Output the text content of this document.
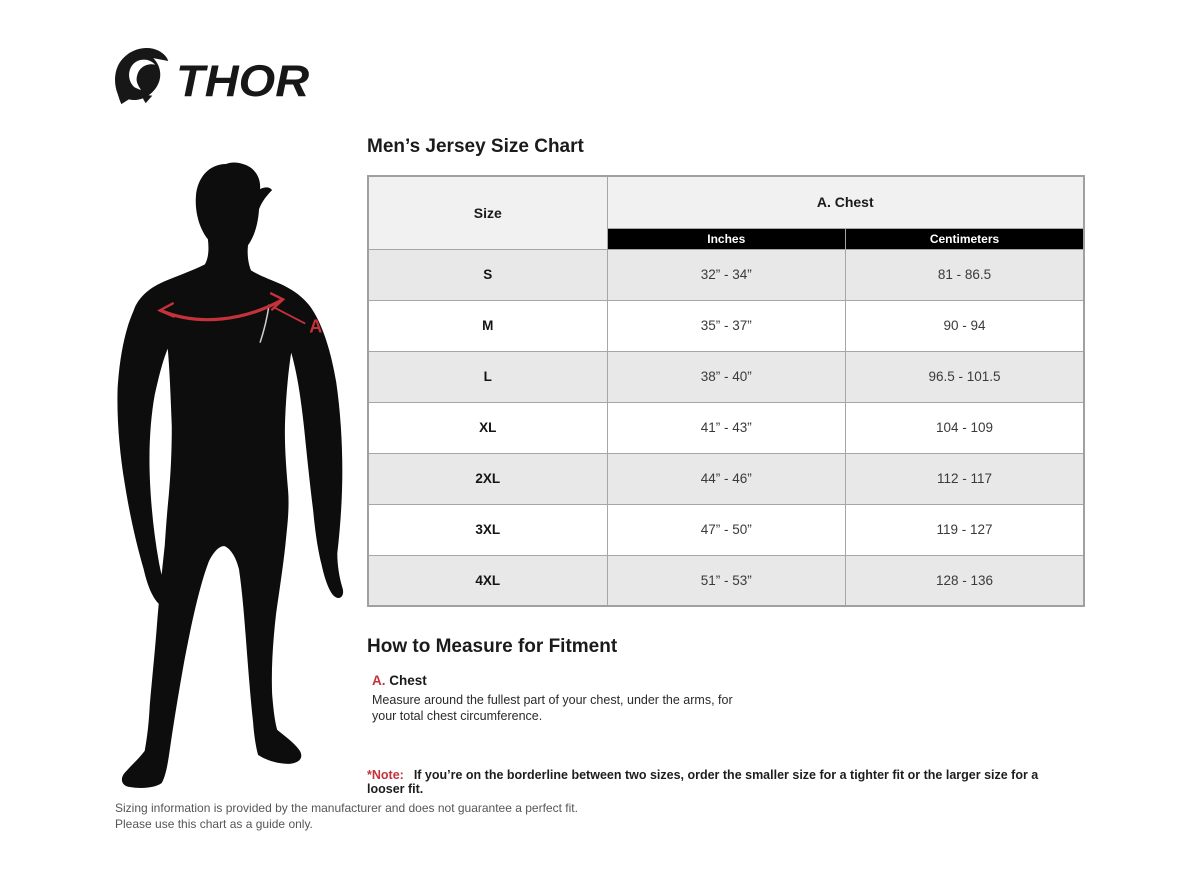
THOR
A
Men’s Jersey Size Chart
Size	A. Chest	
	Inches	Centimeters
S	32” - 34”	81 - 86.5
M	35” - 37”	90 - 94
L	38” - 40”	96.5 - 101.5
XL	41” - 43”	104 - 109
2XL	44” - 46”	112 - 117
3XL	47” - 50”	119 - 127
4XL	51” - 53”	128 - 136
How to Measure for Fitment
A. Chest

Measure around the fullest part of your chest, under the arms, for your total chest circumference.

*Note: If you’re on the borderline between two sizes, order the smaller size for a tighter fit or the larger size for a looser fit.
Sizing information is provided by the manufacturer and does not guarantee a perfect fit.
Please use this chart as a guide only.
